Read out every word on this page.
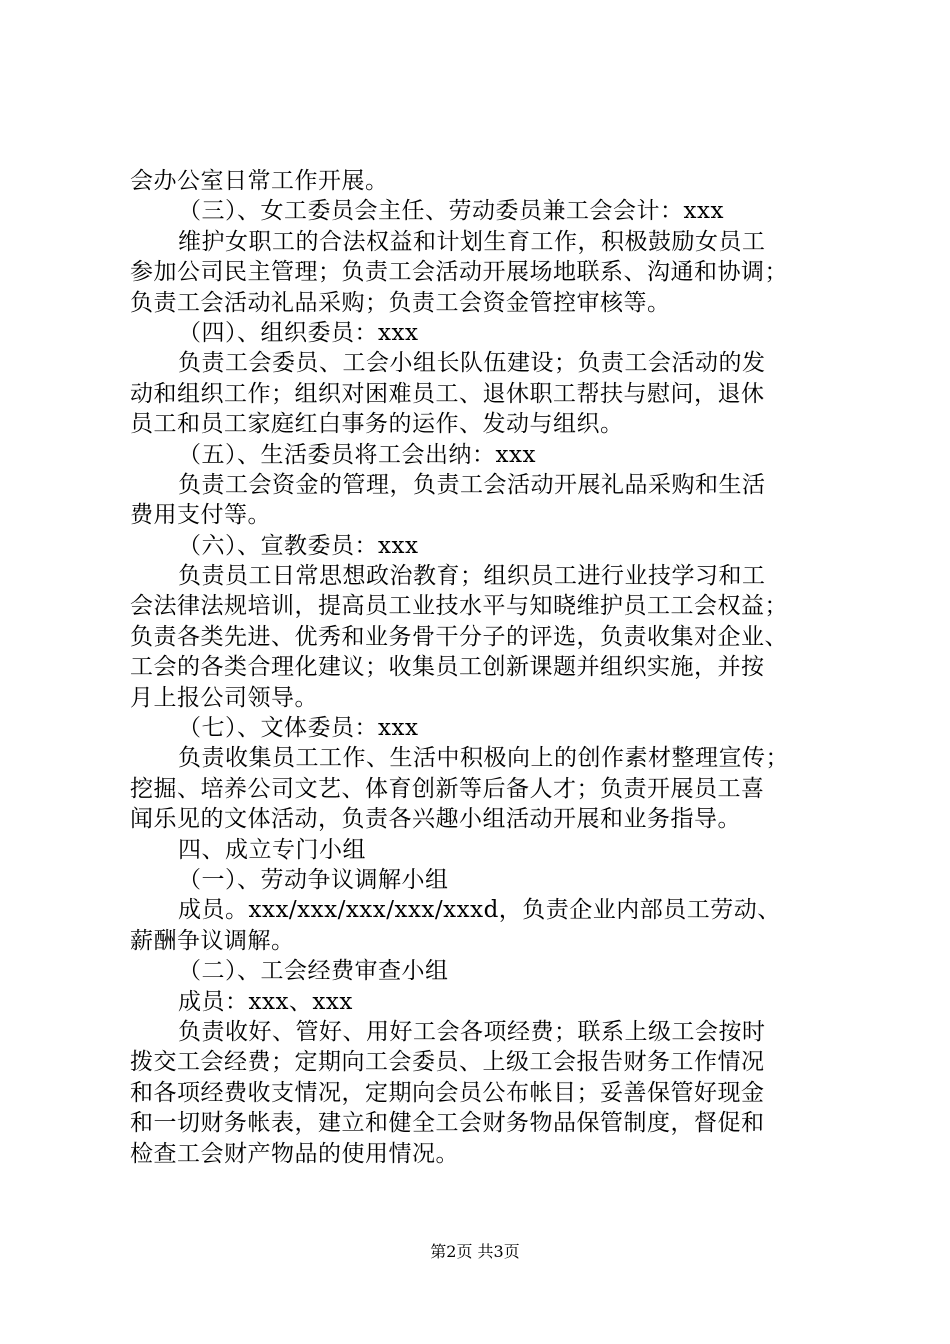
会办公室日常工作开展。
（三）、女工委员会主任、劳动委员兼工会会计：xxx
维护女职工的合法权益和计划生育工作，积极鼓励女员工
参加公司民主管理；负责工会活动开展场地联系、沟通和协调；
负责工会活动礼品采购；负责工会资金管控审核等。
（四）、组织委员：xxx
负责工会委员、工会小组长队伍建设；负责工会活动的发
动和组织工作；组织对困难员工、退休职工帮扶与慰问，退休
员工和员工家庭红白事务的运作、发动与组织。
（五）、生活委员将工会出纳：xxx
负责工会资金的管理，负责工会活动开展礼品采购和生活
费用支付等。
（六）、宣教委员：xxx
负责员工日常思想政治教育；组织员工进行业技学习和工
会法律法规培训，提高员工业技水平与知晓维护员工工会权益；
负责各类先进、优秀和业务骨干分子的评选，负责收集对企业、
工会的各类合理化建议；收集员工创新课题并组织实施，并按
月上报公司领导。
（七）、文体委员：xxx
负责收集员工工作、生活中积极向上的创作素材整理宣传；
挖掘、培养公司文艺、体育创新等后备人才；负责开展员工喜
闻乐见的文体活动，负责各兴趣小组活动开展和业务指导。
四、成立专门小组
（一）、劳动争议调解小组
成员。xxx/xxx/xxx/xxx/xxxd，负责企业内部员工劳动、
薪酬争议调解。
（二）、工会经费审查小组
成员：xxx、xxx
负责收好、管好、用好工会各项经费；联系上级工会按时
拨交工会经费；定期向工会委员、上级工会报告财务工作情况
和各项经费收支情况，定期向会员公布帐目；妥善保管好现金
和一切财务帐表，建立和健全工会财务物品保管制度，督促和
检查工会财产物品的使用情况。
第2页 共3页
